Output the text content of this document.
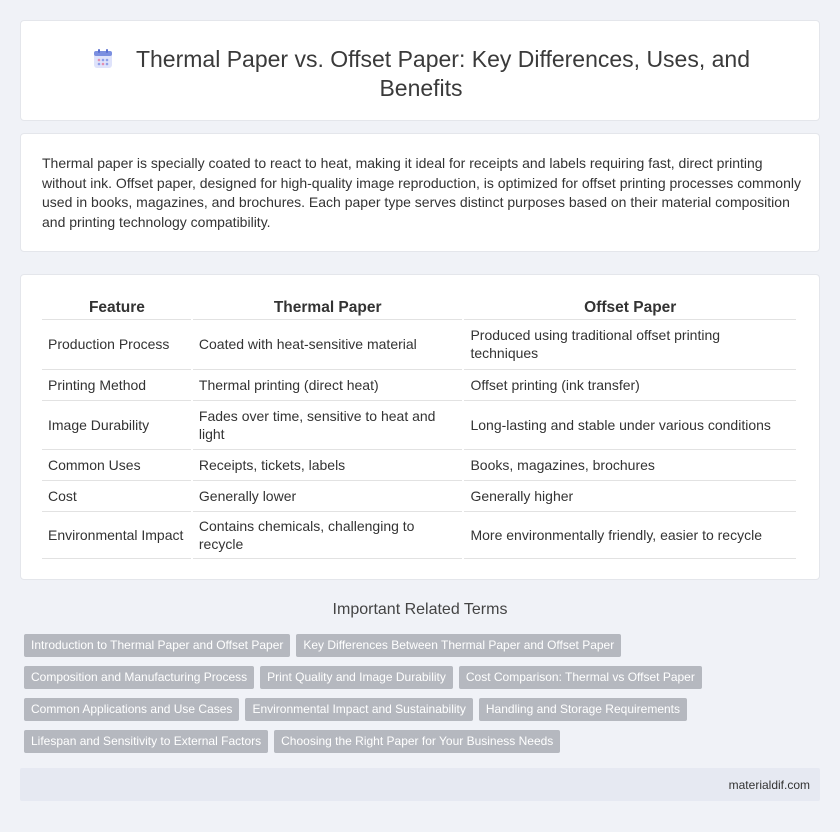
Thermal Paper vs. Offset Paper: Key Differences, Uses, and Benefits

Thermal paper is specially coated to react to heat, making it ideal for receipts and labels requiring fast, direct printing without ink. Offset paper, designed for high-quality image reproduction, is optimized for offset printing processes commonly used in books, magazines, and brochures. Each paper type serves distinct purposes based on their material composition and printing technology compatibility.

Feature	Thermal Paper	Offset Paper
Production Process	Coated with heat-sensitive material	Produced using traditional offset printing techniques
Printing Method	Thermal printing (direct heat)	Offset printing (ink transfer)
Image Durability	Fades over time, sensitive to heat and light	Long-lasting and stable under various conditions
Common Uses	Receipts, tickets, labels	Books, magazines, brochures
Cost	Generally lower	Generally higher
Environmental Impact	Contains chemicals, challenging to recycle	More environmentally friendly, easier to recycle
Important Related Terms
Introduction to Thermal Paper and Offset Paper Key Differences Between Thermal Paper and Offset Paper
Composition and Manufacturing Process Print Quality and Image Durability Cost Comparison: Thermal vs Offset Paper
Common Applications and Use Cases Environmental Impact and Sustainability Handling and Storage Requirements
Lifespan and Sensitivity to External Factors Choosing the Right Paper for Your Business Needs
materialdif.com
